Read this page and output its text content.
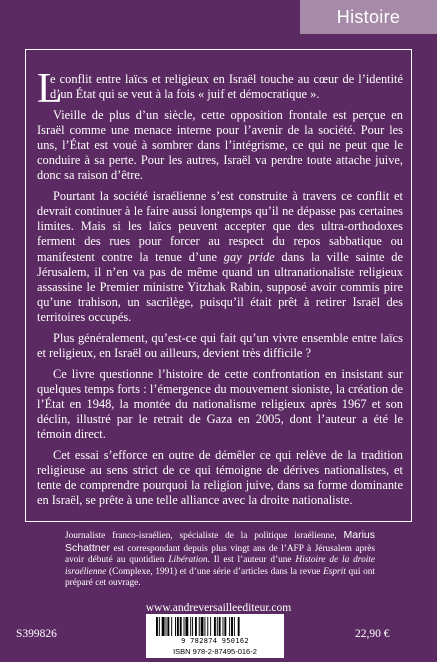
Histoire

L
e conflit entre laïcs et religieux en Israël touche au cœur de l’identité d’un État qui se veut à la fois « juif et démocratique ».

Vieille de plus d’un siècle, cette opposition frontale est perçue en Israël comme une menace interne pour l’avenir de la société. Pour les uns, l’État est voué à sombrer dans l’intégrisme, ce qui ne peut que le conduire à sa perte. Pour les autres, Israël va perdre toute attache juive, donc sa raison d’être.

Pourtant la société israélienne s’est construite à travers ce conflit et devrait continuer à le faire aussi longtemps qu’il ne dépasse pas certaines limites. Mais si les laïcs peuvent accepter que des ultra-orthodoxes ferment des rues pour forcer au respect du repos sabbatique ou manifestent contre la tenue d’une gay pride dans la ville sainte de Jérusalem, il n’en va pas de même quand un ultranationaliste religieux assassine le Premier ministre Yitzhak Rabin, supposé avoir commis pire qu’une trahison, un sacrilège, puisqu’il était prêt à retirer Israël des territoires occupés.

Plus généralement, qu’est-ce qui fait qu’un vivre ensemble entre laïcs et religieux, en Israël ou ailleurs, devient très difficile ?

Ce livre questionne l’histoire de cette confrontation en insistant sur quelques temps forts : l’émergence du mouvement sioniste, la création de l’État en 1948, la montée du nationalisme religieux après 1967 et son déclin, illustré par le retrait de Gaza en 2005, dont l’auteur a été le témoin direct.

Cet essai s’efforce en outre de démêler ce qui relève de la tradition religieuse au sens strict de ce qui témoigne de dérives nationalistes, et tente de comprendre pourquoi la religion juive, dans sa forme dominante en Israël, se prête à une telle alliance avec la droite nationaliste.

Journaliste franco-israélien, spécialiste de la politique israélienne, Marius Schattner est correspondant depuis plus vingt ans de l’AFP à Jérusalem après avoir débuté au quotidien Libération. Il est l’auteur d’une Histoire de la droite israélienne (Complexe, 1991) et d’une série d’articles dans la revue Esprit qui ont préparé cet ouvrage.
www.andreversailleediteur.com
S399826
9 782874 950162
ISBN 978-2-87495-016-2
22,90 €
